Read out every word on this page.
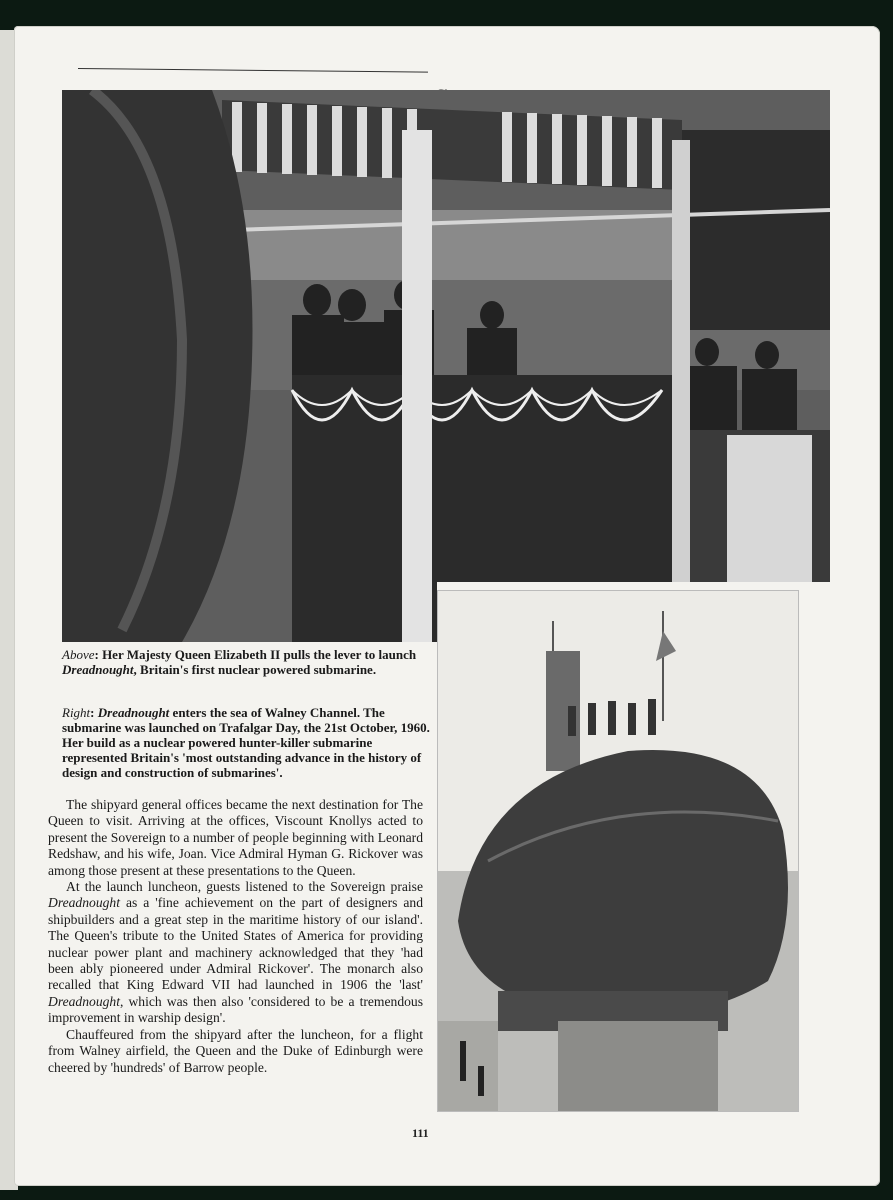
Above: Her Majesty Queen Elizabeth II pulls the lever to launch Dreadnought, Britain's first nuclear powered submarine.
Right: Dreadnought enters the sea of Walney Channel. The submarine was launched on Trafalgar Day, the 21st October, 1960. Her build as a nuclear powered hunter-killer submarine represented Britain's 'most outstanding advance in the history of design and construction of submarines'.

The shipyard general offices became the next destination for The Queen to visit. Arriving at the offices, Viscount Knollys acted to present the Sovereign to a number of people beginning with Leonard Redshaw, and his wife, Joan. Vice Admiral Hyman G. Rickover was among those present at these presentations to the Queen.

At the launch luncheon, guests listened to the Sovereign praise Dreadnought as a 'fine achievement on the part of designers and shipbuilders and a great step in the maritime history of our island'. The Queen's tribute to the United States of America for providing nuclear power plant and machinery acknowledged that they 'had been ably pioneered under Admiral Rickover'. The monarch also recalled that King Edward VII had launched in 1906 the 'last' Dreadnought, which was then also 'considered to be a tremendous improvement in warship design'.

Chauffeured from the shipyard after the luncheon, for a flight from Walney airfield, the Queen and the Duke of Edinburgh were cheered by 'hundreds' of Barrow people.

111
